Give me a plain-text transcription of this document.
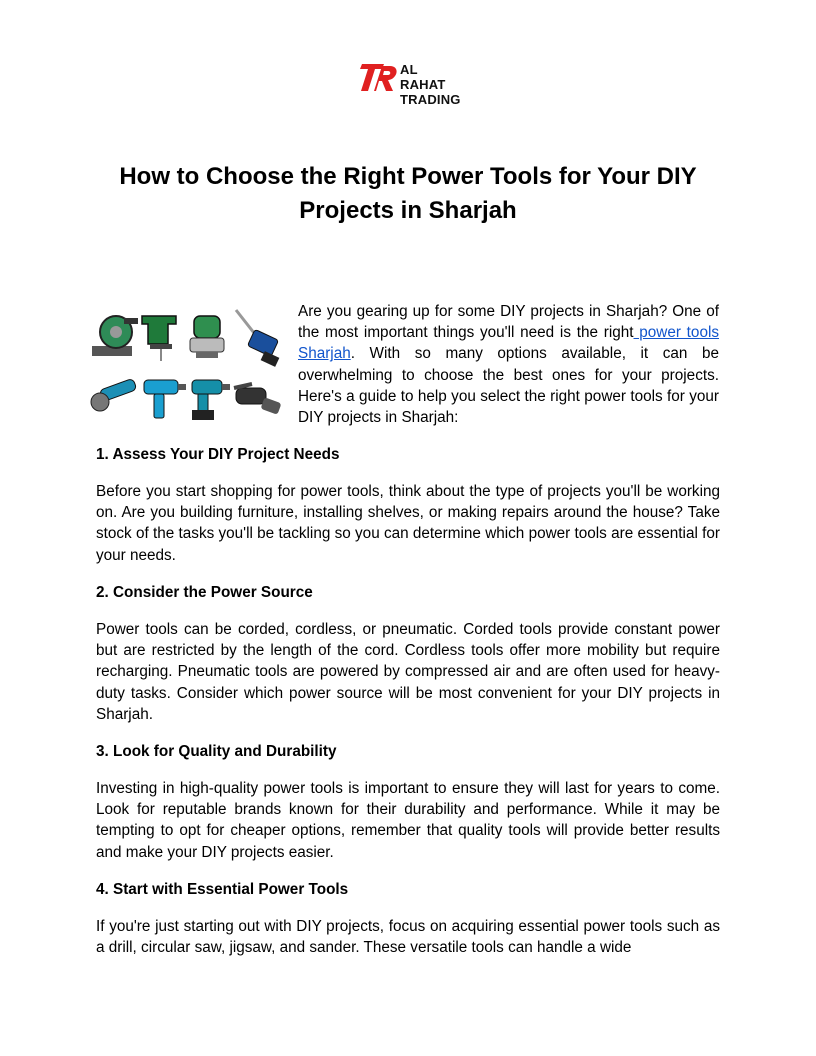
AL RAHAT
TRADING
How to Choose the Right Power Tools for Your DIY Projects in Sharjah

Are you gearing up for some DIY projects in Sharjah? One of the most important things you'll need is the right power tools Sharjah. With so many options available, it can be overwhelming to choose the best ones for your projects. Here's a guide to help you select the right power tools for your DIY projects in Sharjah:

1. Assess Your DIY Project Needs

Before you start shopping for power tools, think about the type of projects you'll be working on. Are you building furniture, installing shelves, or making repairs around the house? Take stock of the tasks you'll be tackling so you can determine which power tools are essential for your needs.

2. Consider the Power Source

Power tools can be corded, cordless, or pneumatic. Corded tools provide constant power but are restricted by the length of the cord. Cordless tools offer more mobility but require recharging. Pneumatic tools are powered by compressed air and are often used for heavy-duty tasks. Consider which power source will be most convenient for your DIY projects in Sharjah.

3. Look for Quality and Durability

Investing in high-quality power tools is important to ensure they will last for years to come. Look for reputable brands known for their durability and performance. While it may be tempting to opt for cheaper options, remember that quality tools will provide better results and make your DIY projects easier.

4. Start with Essential Power Tools

If you're just starting out with DIY projects, focus on acquiring essential power tools such as a drill, circular saw, jigsaw, and sander. These versatile tools can handle a wide
